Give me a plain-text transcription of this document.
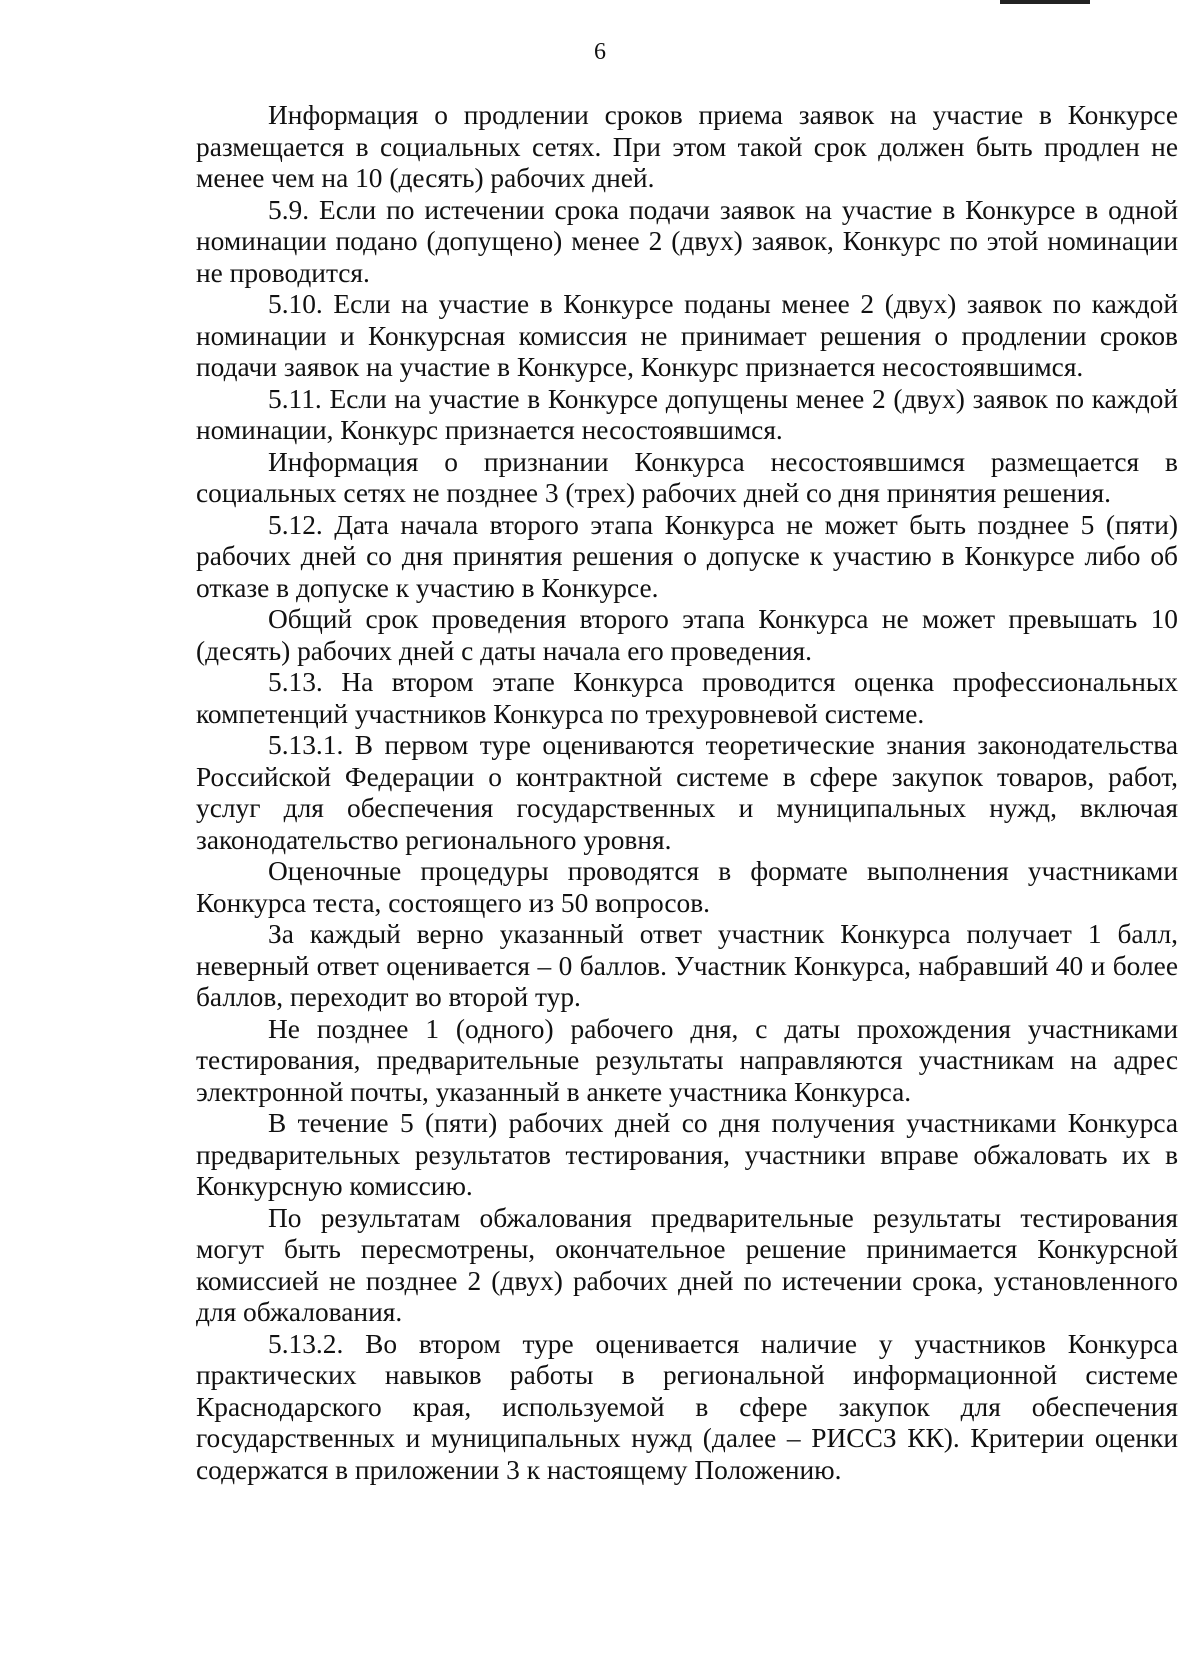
6

Информация о продлении сроков приема заявок на участие в Конкурсе размещается в социальных сетях. При этом такой срок должен быть продлен не менее чем на 10 (десять) рабочих дней.

5.9. Если по истечении срока подачи заявок на участие в Конкурсе в одной номинации подано (допущено) менее 2 (двух) заявок, Конкурс по этой номинации не проводится.

5.10. Если на участие в Конкурсе поданы менее 2 (двух) заявок по каждой номинации и Конкурсная комиссия не принимает решения о продлении сроков подачи заявок на участие в Конкурсе, Конкурс признается несостоявшимся.

5.11. Если на участие в Конкурсе допущены менее 2 (двух) заявок по каждой номинации, Конкурс признается несостоявшимся.

Информация о признании Конкурса несостоявшимся размещается в социальных сетях не позднее 3 (трех) рабочих дней со дня принятия решения.

5.12. Дата начала второго этапа Конкурса не может быть позднее 5 (пяти) рабочих дней со дня принятия решения о допуске к участию в Конкурсе либо об отказе в допуске к участию в Конкурсе.

Общий срок проведения второго этапа Конкурса не может превышать 10 (десять) рабочих дней с даты начала его проведения.

5.13. На втором этапе Конкурса проводится оценка профессиональных компетенций участников Конкурса по трехуровневой системе.

5.13.1. В первом туре оцениваются теоретические знания законодательства Российской Федерации о контрактной системе в сфере закупок товаров, работ, услуг для обеспечения государственных и муниципальных нужд, включая законодательство регионального уровня.

Оценочные процедуры проводятся в формате выполнения участниками Конкурса теста, состоящего из 50 вопросов.

За каждый верно указанный ответ участник Конкурса получает 1 балл, неверный ответ оценивается – 0 баллов. Участник Конкурса, набравший 40 и более баллов, переходит во второй тур.

Не позднее 1 (одного) рабочего дня, с даты прохождения участниками тестирования, предварительные результаты направляются участникам на адрес электронной почты, указанный в анкете участника Конкурса.

В течение 5 (пяти) рабочих дней со дня получения участниками Конкурса предварительных результатов тестирования, участники вправе обжаловать их в Конкурсную комиссию.

По результатам обжалования предварительные результаты тестирования могут быть пересмотрены, окончательное решение принимается Конкурсной комиссией не позднее 2 (двух) рабочих дней по истечении срока, установленного для обжалования.

5.13.2. Во втором туре оценивается наличие у участников Конкурса практических навыков работы в региональной информационной системе Краснодарского края, используемой в сфере закупок для обеспечения государственных и муниципальных нужд (далее – РИССЗ КК). Критерии оценки содержатся в приложении 3 к настоящему Положению.
